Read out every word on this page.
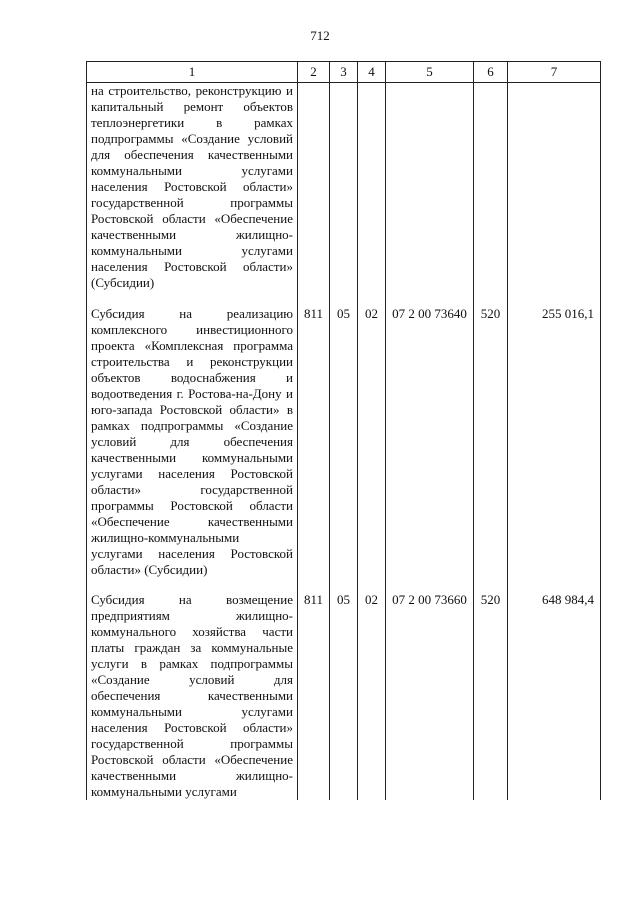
712
1	2	3	4	5	6	7
на строительство, реконструкцию и капитальный ремонт объектов теплоэнергетики в рамках подпрограммы «Создание условий для обеспечения качественными коммунальными услугами населения Ростовской области» государственной программы Ростовской области «Обеспечение качественными жилищно-коммунальными услугами населения Ростовской области» (Субсидии)						
Субсидия на реализацию комплексного инвестиционного проекта «Комплексная программа строительства и реконструкции объектов водоснабжения и водоотведения г. Ростова-на-Дону и юго-запада Ростовской области» в рамках подпрограммы «Создание условий для обеспечения качественными коммунальными услугами населения Ростовской области» государственной программы Ростовской области «Обеспечение качественными жилищно-коммунальными услугами населения Ростовской области» (Субсидии)	811	05	02	07 2 00 73640	520	255 016,1
Субсидия на возмещение предприятиям жилищно-коммунального хозяйства части платы граждан за коммунальные услуги в рамках подпрограммы «Создание условий для обеспечения качественными коммунальными услугами населения Ростовской области» государственной программы Ростовской области «Обеспечение качественными жилищно-коммунальными услугами	811	05	02	07 2 00 73660	520	648 984,4
